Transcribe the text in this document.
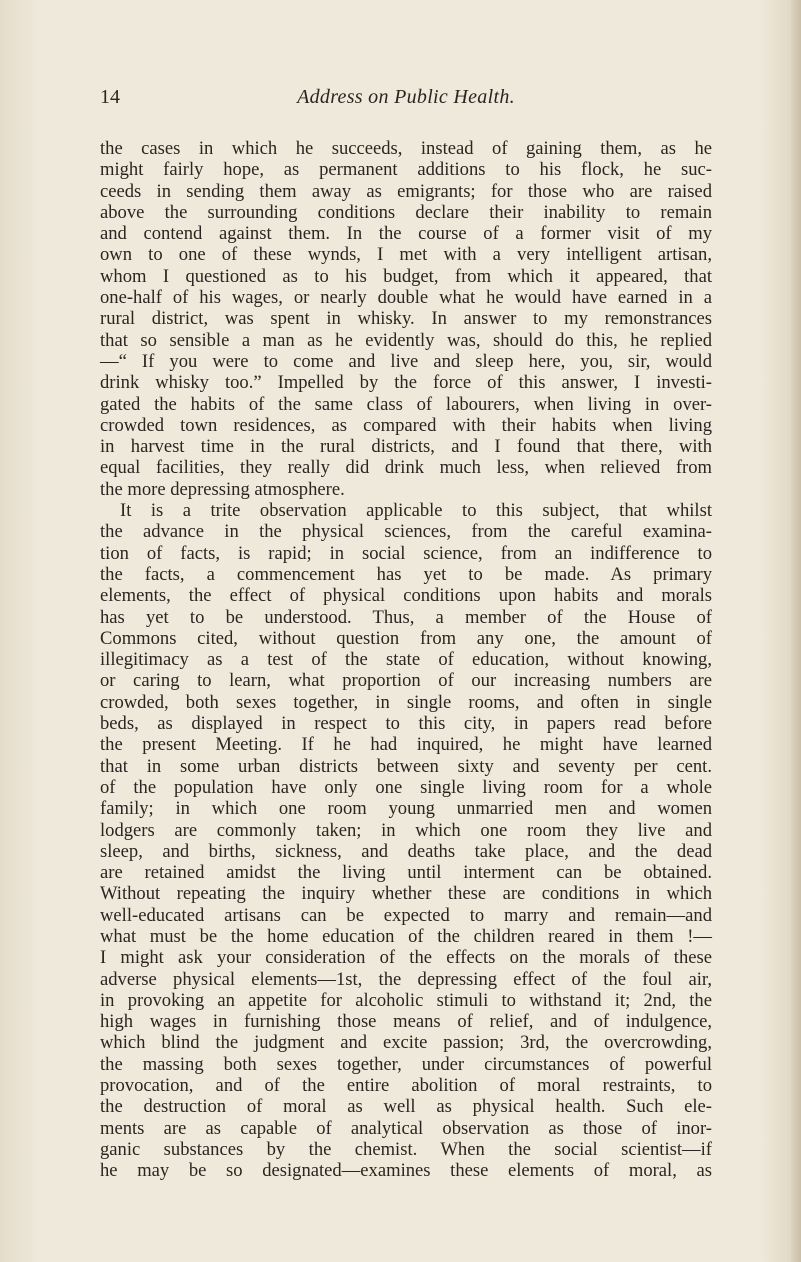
14	Address on Public Health.
the cases in which he succeeds, instead of gaining them, as he
might fairly hope, as permanent additions to his flock, he suc-
ceeds in sending them away as emigrants; for those who are raised
above the surrounding conditions declare their inability to remain
and contend against them. In the course of a former visit of my
own to one of these wynds, I met with a very intelligent artisan,
whom I questioned as to his budget, from which it appeared, that
one-half of his wages, or nearly double what he would have earned in a
rural district, was spent in whisky. In answer to my remonstrances
that so sensible a man as he evidently was, should do this, he replied
—“ If you were to come and live and sleep here, you, sir, would
drink whisky too.” Impelled by the force of this answer, I investi-
gated the habits of the same class of labourers, when living in over-
crowded town residences, as compared with their habits when living
in harvest time in the rural districts, and I found that there, with
equal facilities, they really did drink much less, when relieved from
the more depressing atmosphere.
It is a trite observation applicable to this subject, that whilst
the advance in the physical sciences, from the careful examina-
tion of facts, is rapid; in social science, from an indifference to
the facts, a commencement has yet to be made. As primary
elements, the effect of physical conditions upon habits and morals
has yet to be understood. Thus, a member of the House of
Commons cited, without question from any one, the amount of
illegitimacy as a test of the state of education, without knowing,
or caring to learn, what proportion of our increasing numbers are
crowded, both sexes together, in single rooms, and often in single
beds, as displayed in respect to this city, in papers read before
the present Meeting. If he had inquired, he might have learned
that in some urban districts between sixty and seventy per cent.
of the population have only one single living room for a whole
family; in which one room young unmarried men and women
lodgers are commonly taken; in which one room they live and
sleep, and births, sickness, and deaths take place, and the dead
are retained amidst the living until interment can be obtained.
Without repeating the inquiry whether these are conditions in which
well-educated artisans can be expected to marry and remain—and
what must be the home education of the children reared in them !—
I might ask your consideration of the effects on the morals of these
adverse physical elements—1st, the depressing effect of the foul air,
in provoking an appetite for alcoholic stimuli to withstand it; 2nd, the
high wages in furnishing those means of relief, and of indulgence,
which blind the judgment and excite passion; 3rd, the overcrowding,
the massing both sexes together, under circumstances of powerful
provocation, and of the entire abolition of moral restraints, to
the destruction of moral as well as physical health. Such ele-
ments are as capable of analytical observation as those of inor-
ganic substances by the chemist. When the social scientist—if
he may be so designated—examines these elements of moral, as
